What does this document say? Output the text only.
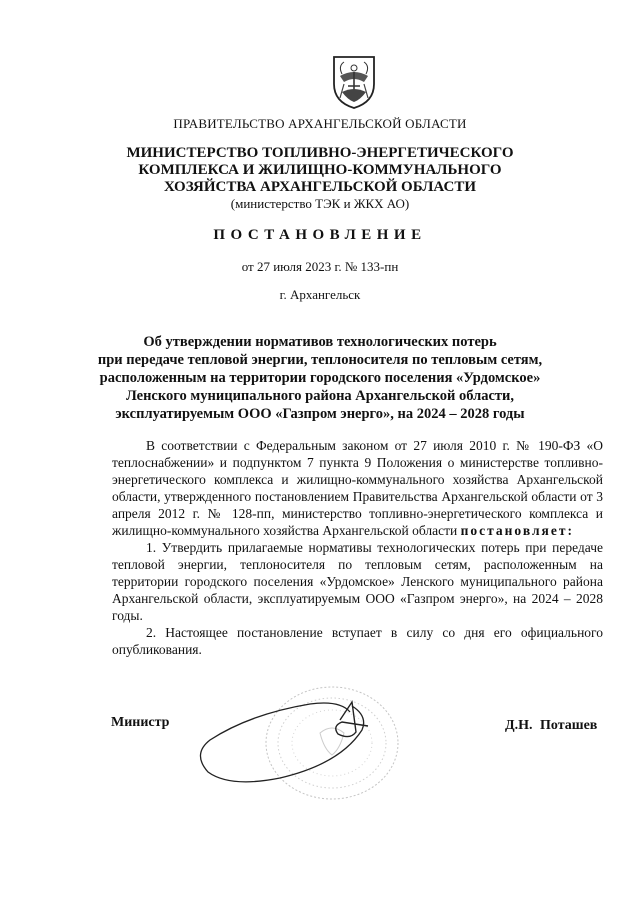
ПРАВИТЕЛЬСТВО АРХАНГЕЛЬСКОЙ ОБЛАСТИ
МИНИСТЕРСТВО ТОПЛИВНО-ЭНЕРГЕТИЧЕСКОГО
КОМПЛЕКСА И ЖИЛИЩНО-КОММУНАЛЬНОГО
ХОЗЯЙСТВА АРХАНГЕЛЬСКОЙ ОБЛАСТИ
(министерство ТЭК и ЖКХ АО)
ПОСТАНОВЛЕНИЕ
от 27 июля 2023 г. № 133-пн
г. Архангельск
Об утверждении нормативов технологических потерь
при передаче тепловой энергии, теплоносителя по тепловым сетям,
расположенным на территории городского поселения «Урдомское»
Ленского муниципального района Архангельской области,
эксплуатируемым ООО «Газпром энерго», на 2024 – 2028 годы

В соответствии с Федеральным законом от 27 июля 2010 г. № 190-ФЗ «О теплоснабжении» и подпунктом 7 пункта 9 Положения о министерстве топливно-энергетического комплекса и жилищно-коммунального хозяйства Архангельской области, утвержденного постановлением Правительства Архангельской области от 3 апреля 2012 г. № 128-пп, министерство топливно-энергетического комплекса и жилищно-коммунального хозяйства Архангельской области постановляет:

1. Утвердить прилагаемые нормативы технологических потерь при передаче тепловой энергии, теплоносителя по тепловым сетям, расположенным на территории городского поселения «Урдомское» Ленского муниципального района Архангельской области, эксплуатируемым ООО «Газпром энерго», на 2024 – 2028 годы.

2. Настоящее постановление вступает в силу со дня его официального опубликования.

Министр	Д.Н. Поташев
